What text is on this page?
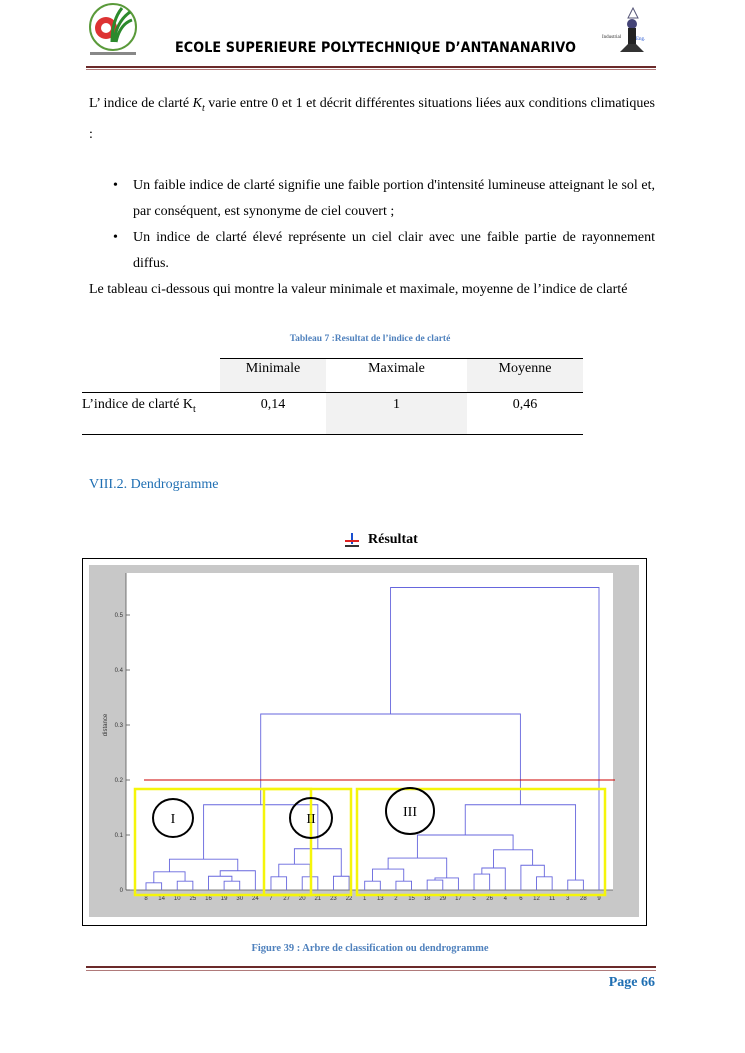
Industrial	Eng.
ECOLE SUPERIEURE POLYTECHNIQUE D’ANTANANARIVO
L’ indice de clarté $K_t$ varie entre 0 et 1 et décrit différentes situations liées aux conditions climatiques :
•	Un faible indice de clarté signifie une faible portion d'intensité lumineuse atteignant le sol et, par conséquent, est synonyme de ciel couvert ;
•	Un indice de clarté élevé représente un ciel clair avec une faible partie de rayonnement diffus.
Le tableau ci-dessous qui montre la valeur minimale et maximale, moyenne de l’indice de clarté
Tableau 7 :Resultat de l’indice de clarté
	Minimale	Maximale	Moyenne
L’indice de clarté $K_t$	0,14	1	0,46
VIII.2. Dendrogramme
Résultat
0
0.1
0.2
0.3
0.4
0.5
distance
8 14 10 25 16 19 30 24 7 27 20 21 23 22 1 13 2 15 18 29 17 5 26 4 6 12 11 3 28 9
I	II	III
Figure 39 : Arbre de classification ou dendrogramme
Page 66
